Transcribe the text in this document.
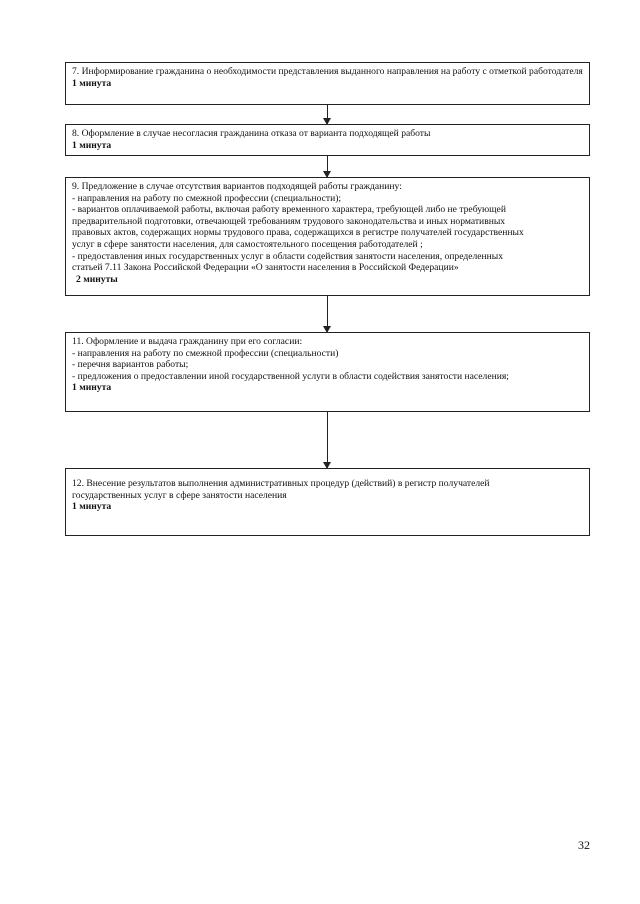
7. Информирование гражданина о необходимости представления выданного направления на работу с отметкой работодателя
1 минута
8. Оформление в случае несогласия гражданина отказа от варианта подходящей работы
1 минута
9. Предложение в случае отсутствия вариантов подходящей работы гражданину:
- направления на работу по смежной профессии (специальности);
- вариантов оплачиваемой работы, включая работу временного характера, требующей либо не требующей
предварительной подготовки, отвечающей требованиям трудового законодательства и иных нормативных
правовых актов, содержащих нормы трудового права, содержащихся в регистре получателей государственных
услуг в сфере занятости населения, для самостоятельного посещения работодателей ;
- предоставления иных государственных услуг в области содействия занятости населения, определенных
статьей 7.11 Закона Российской Федерации «О занятости населения в Российской Федерации»
2 минуты
11. Оформление и выдача гражданину при его согласии:
- направления на работу по смежной профессии (специальности)
- перечня вариантов работы;
- предложения о предоставлении иной государственной услуги в области содействия занятости населения;
1 минута
12. Внесение результатов выполнения административных процедур (действий) в регистр получателей
государственных услуг в сфере занятости населения
1 минута
32
